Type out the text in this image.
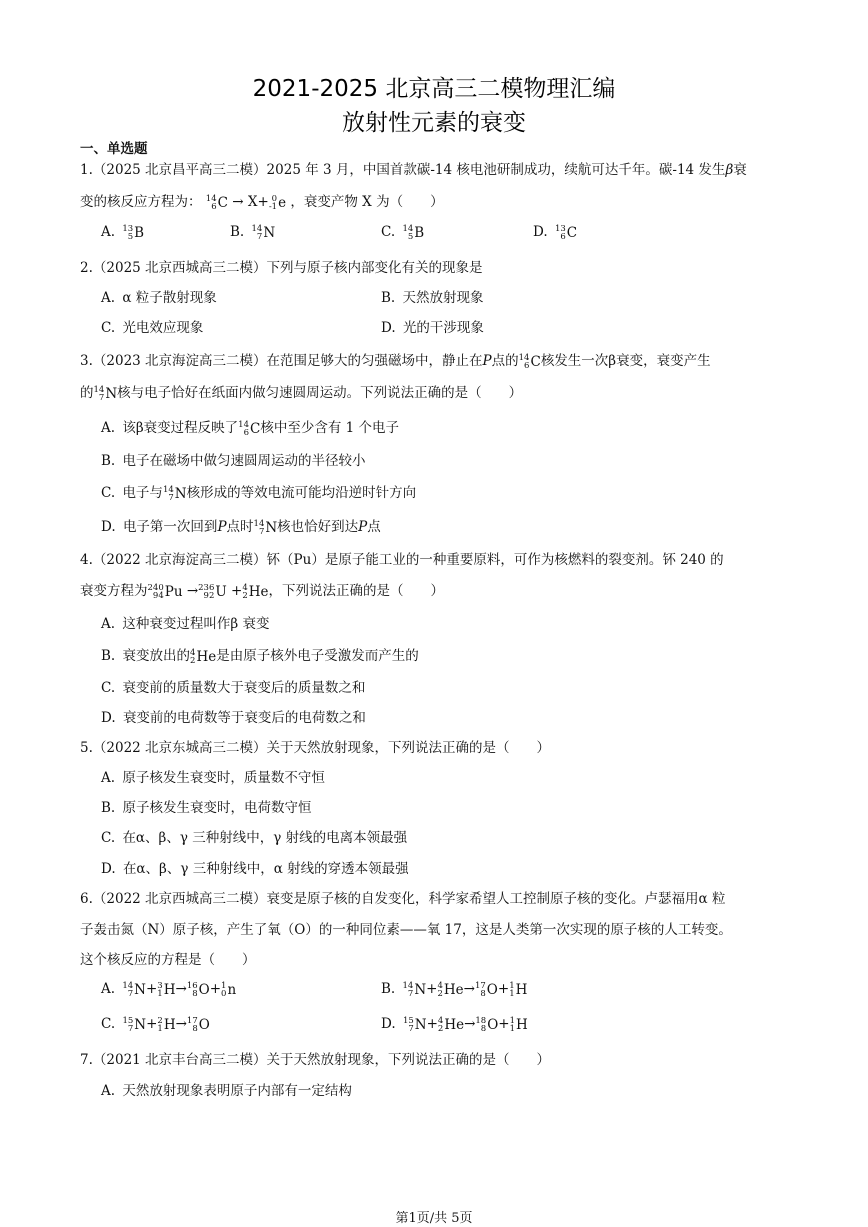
2021-2025 北京高三二模物理汇编
放射性元素的衰变
一、单选题
1.（2025 北京昌平高三二模）2025 年 3 月，中国首款碳-14 核电池研制成功，续航可达千年。碳-14 发生β衰
变的核反应方程为： 14
6 C → X+ 0
-1 e ，衰变产物 X 为（　　）
A. 13
5 B	B. 14
7 N	C. 14
5 B	D. 13
6 C
2.（2025 北京西城高三二模）下列与原子核内部变化有关的现象是
A. α 粒子散射现象	B. 天然放射现象
C. 光电效应现象	D. 光的干涉现象
3.（2023 北京海淀高三二模）在范围足够大的匀强磁场中，静止在P点的 14
6 C 核发生一次β衰变，衰变产生
的 14
7 N 核与电子恰好在纸面内做匀速圆周运动。下列说法正确的是（　　）
A. 该β衰变过程反映了 14
6 C 核中至少含有 1 个电子
B. 电子在磁场中做匀速圆周运动的半径较小
C. 电子与 14
7 N 核形成的等效电流可能均沿逆时针方向
D. 电子第一次回到P点时 14
7 N 核也恰好到达P点
4.（2022 北京海淀高三二模）钚（Pu）是原子能工业的一种重要原料，可作为核燃料的裂变剂。钚 240 的
衰变方程为 240
94 Pu → 236
92 U + 4
2 He ，下列说法正确的是（　　）
A. 这种衰变过程叫作β 衰变
B. 衰变放出的 4
2 He 是由原子核外电子受激发而产生的
C. 衰变前的质量数大于衰变后的质量数之和
D. 衰变前的电荷数等于衰变后的电荷数之和
5.（2022 北京东城高三二模）关于天然放射现象，下列说法正确的是（　　）
A. 原子核发生衰变时，质量数不守恒
B. 原子核发生衰变时，电荷数守恒
C. 在α、β、γ 三种射线中，γ 射线的电离本领最强
D. 在α、β、γ 三种射线中，α 射线的穿透本领最强
6.（2022 北京西城高三二模）衰变是原子核的自发变化，科学家希望人工控制原子核的变化。卢瑟福用α 粒
子轰击氮（N）原子核，产生了氧（O）的一种同位素——氧 17，这是人类第一次实现的原子核的人工转变。
这个核反应的方程是（　　）
A. 14
7 N + 3
1 H → 16
8 O + 1
0 n	B. 14
7 N + 4
2 He → 17
8 O + 1
1 H
C. 15
7 N + 2
1 H → 17
8 O	D. 15
7 N + 4
2 He → 18
8 O + 1
1 H
7.（2021 北京丰台高三二模）关于天然放射现象，下列说法正确的是（　　）
A. 天然放射现象表明原子内部有一定结构
第1页/共 5页
